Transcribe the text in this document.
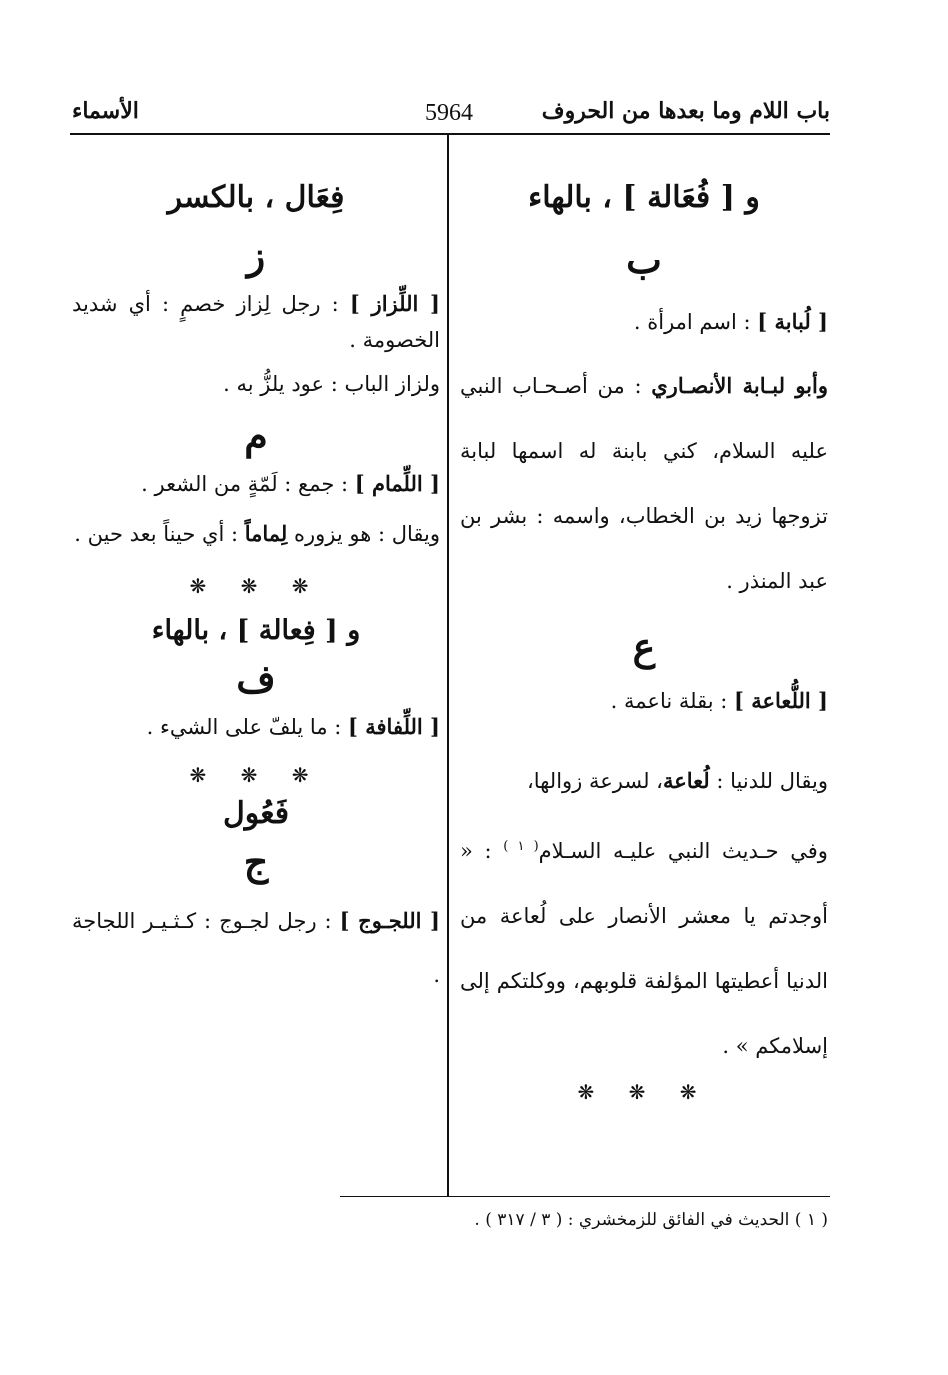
باب اللام وما بعدها من الحروف
5964
الأسماء
و [ فُعَالة ] ، بالهاء
ب
[ لُبابة ] : اسم امرأة .
وأبو لبـابة الأنصـاري : من أصـحـاب النبي عليه السلام، كني بابنة له اسمها لبابة تزوجها زيد بن الخطاب، واسمه : بشر بن عبد المنذر .
ع
[ اللُّعاعة ] : بقلة ناعمة .
ويقال للدنيا : لُعاعة، لسرعة زوالها،
وفي حـديث النبي عليـه السـلام$^{( ١ )}$ : « أوجدتم يا معشر الأنصار على لُعاعة من الدنيا أعطيتها المؤلفة قلوبهم، ووكلتكم إلى إسلامكم » .
❋ ❋ ❋
فِعَال ، بالكسر
ز
[ اللِّزاز ] : رجل لِزاز خصمٍ : أي شديد الخصومة .
ولزاز الباب : عود يلزُّ به .
م
[ اللِّمام ] : جمع : لَمّةٍ من الشعر .
ويقال : هو يزوره لِماماً : أي حيناً بعد حين .
❋ ❋ ❋
و [ فِعالة ] ، بالهاء
ف
[ اللِّفافة ] : ما يلفّ على الشيء .
❋ ❋ ❋
فَعُول
ج
[ اللجـوج ] : رجل لجـوج : كـثـيـر اللجاجة .
( ١ ) الحديث في الفائق للزمخشري : ( ٣ / ٣١٧ ) .
